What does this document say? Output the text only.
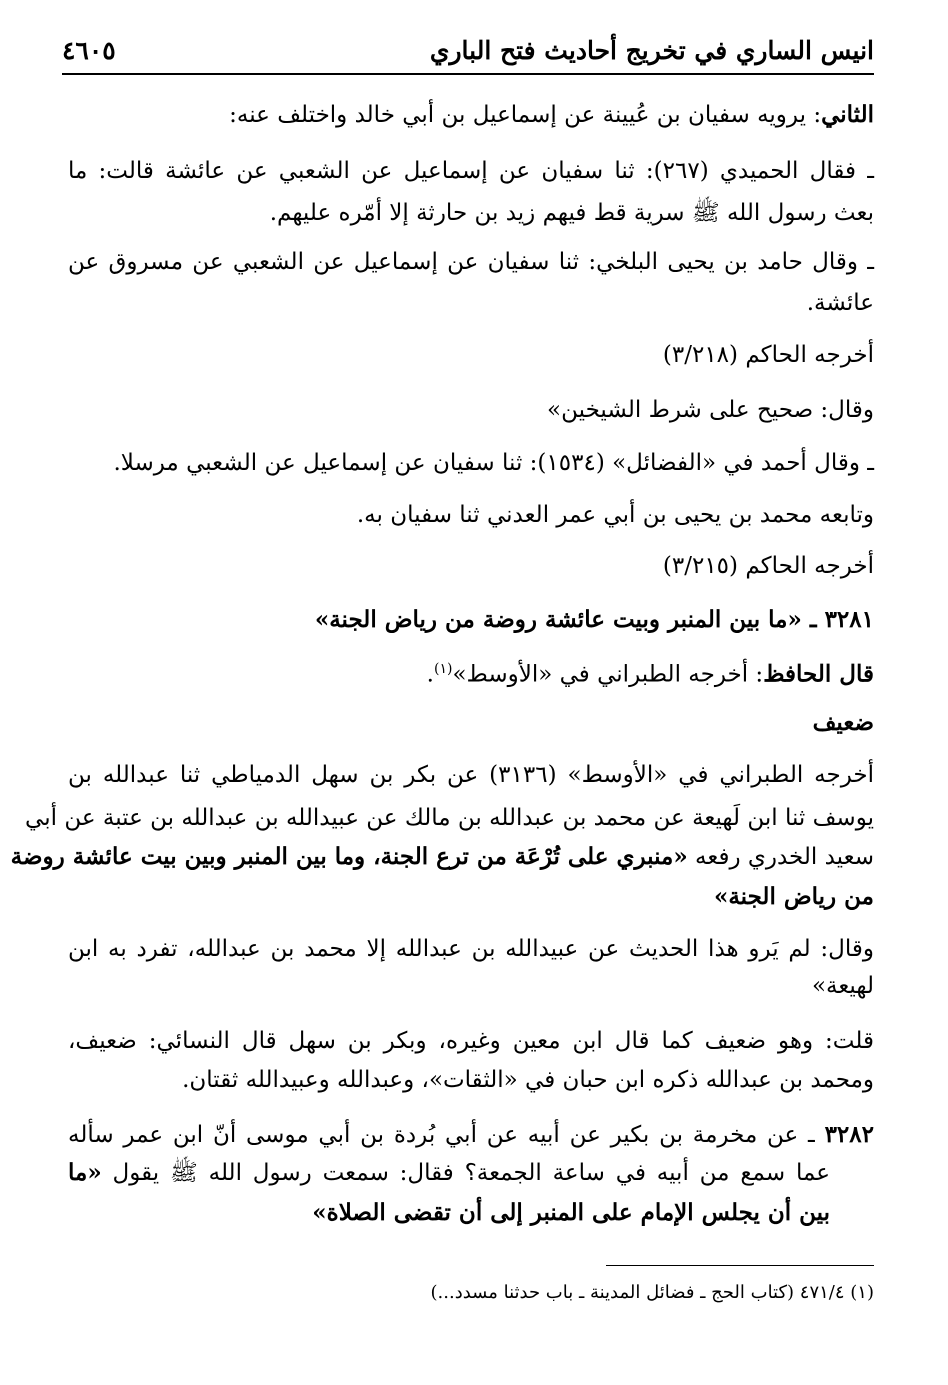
انيس الساري في تخريج أحاديث فتح الباري
٤٦٠٥
الثاني: يرويه سفيان بن عُيينة عن إسماعيل بن أبي خالد واختلف عنه:
ـ فقال الحميدي (٢٦٧): ثنا سفيان عن إسماعيل عن الشعبي عن عائشة قالت: ما
بعث رسول الله ﷺ سرية قط فيهم زيد بن حارثة إلا أمّره عليهم.
ـ وقال حامد بن يحيى البلخي: ثنا سفيان عن إسماعيل عن الشعبي عن مسروق عن
عائشة.
أخرجه الحاكم (٣/٢١٨)
وقال: صحيح على شرط الشيخين»
ـ وقال أحمد في «الفضائل» (١٥٣٤): ثنا سفيان عن إسماعيل عن الشعبي مرسلا.
وتابعه محمد بن يحيى بن أبي عمر العدني ثنا سفيان به.
أخرجه الحاكم (٣/٢١٥)
٣٢٨١ ـ «ما بين المنبر وبيت عائشة روضة من رياض الجنة»
قال الحافظ: أخرجه الطبراني في «الأوسط»$^{(١)}$.
ضعيف
أخرجه الطبراني في «الأوسط» (٣١٣٦) عن بكر بن سهل الدمياطي ثنا عبدالله بن
يوسف ثنا ابن لَهيعة عن محمد بن عبدالله بن مالك عن عبيدالله بن عبدالله بن عتبة عن أبي
سعيد الخدري رفعه «منبري على تُرْعَة من ترع الجنة، وما بين المنبر وبين بيت عائشة روضة
من رياض الجنة»
وقال: لم يَرو هذا الحديث عن عبيدالله بن عبدالله إلا محمد بن عبدالله، تفرد به ابن
لهيعة»
قلت: وهو ضعيف كما قال ابن معين وغيره، وبكر بن سهل قال النسائي: ضعيف،
ومحمد بن عبدالله ذكره ابن حبان في «الثقات»، وعبدالله وعبيدالله ثقتان.
٣٢٨٢ ـ عن مخرمة بن بكير عن أبيه عن أبي بُردة بن أبي موسى أنّ ابن عمر سأله
عما سمع من أبيه في ساعة الجمعة؟ فقال: سمعت رسول الله ﷺ يقول «ما
بين أن يجلس الإمام على المنبر إلى أن تقضى الصلاة»
(١) ٤٧١/٤ (كتاب الحج ـ فضائل المدينة ـ باب حدثنا مسدد...)
